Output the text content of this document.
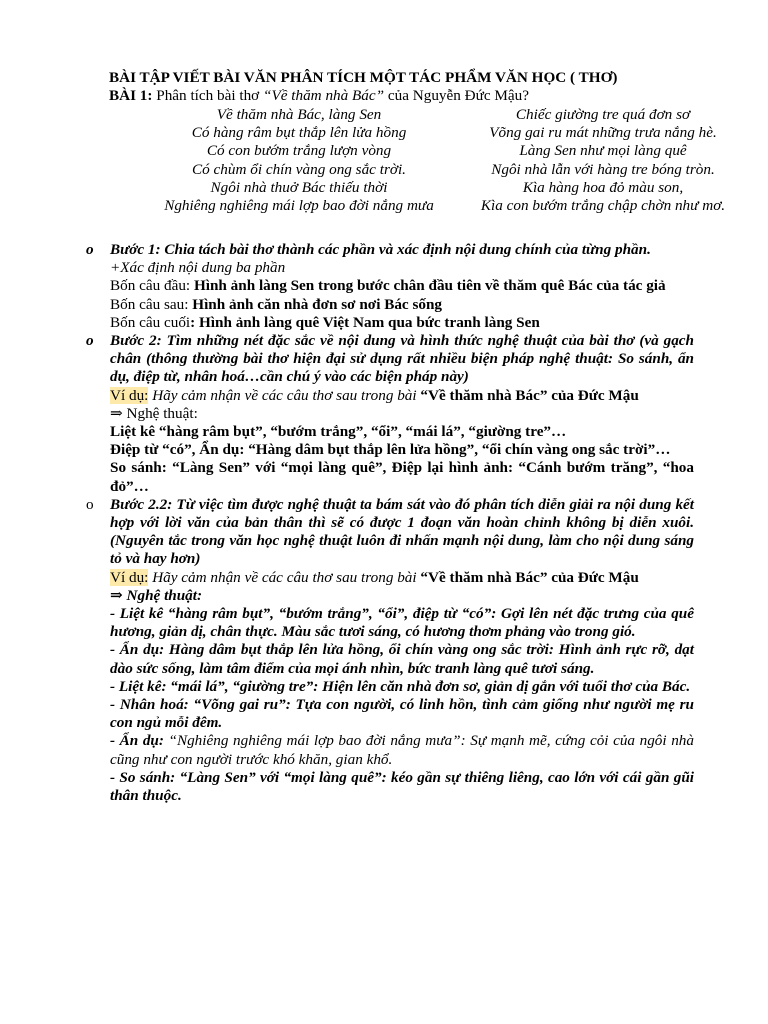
BÀI TẬP VIẾT BÀI VĂN PHÂN TÍCH MỘT TÁC PHẨM VĂN HỌC ( THƠ)
BÀI 1: Phân tích bài thơ “Về thăm nhà Bác” của Nguyễn Đức Mậu?
Về thăm nhà Bác, làng Sen
Có hàng râm bụt thắp lên lửa hồng
Có con bướm trắng lượn vòng
Có chùm ổi chín vàng ong sắc trời.
Ngôi nhà thuở Bác thiếu thời
Nghiêng nghiêng mái lợp bao đời nắng mưa
Chiếc giường tre quá đơn sơ
Võng gai ru mát những trưa nắng hè.
Làng Sen như mọi làng quê
Ngôi nhà lẫn với hàng tre bóng tròn.
Kìa hàng hoa đỏ màu son,
Kìa con bướm trắng chập chờn như mơ.
o	Bước 1: Chia tách bài thơ thành các phần và xác định nội dung chính của từng phần.

+Xác định nội dung ba phần

Bốn câu đầu: Hình ảnh làng Sen trong bước chân đầu tiên về thăm quê Bác của tác giả

Bốn câu sau: Hình ảnh căn nhà đơn sơ nơi Bác sống

Bốn câu cuối: Hình ảnh làng quê Việt Nam qua bức tranh làng Sen

o	Bước 2: Tìm những nét đặc sắc về nội dung và hình thức nghệ thuật của bài thơ (và gạch chân (thông thường bài thơ hiện đại sử dụng rất nhiều biện pháp nghệ thuật: So sánh, ẩn dụ, điệp từ, nhân hoá…cần chú ý vào các biện pháp này)

Ví dụ: Hãy cảm nhận về các câu thơ sau trong bài “Về thăm nhà Bác” của Đức Mậu

⇒ Nghệ thuật:

Liệt kê “hàng râm bụt”, “bướm trắng”, “ổi”, “mái lá”, “giường tre”…

Điệp từ “có”, Ẩn dụ: “Hàng dâm bụt thắp lên lửa hồng”, “ổi chín vàng ong sắc trời”…

So sánh: “Làng Sen” với “mọi làng quê”, Điệp lại hình ảnh: “Cánh bướm trăng”, “hoa đỏ”…

o	Bước 2.2: Từ việc tìm được nghệ thuật ta bám sát vào đó phân tích diễn giải ra nội dung kết hợp với lời văn của bản thân thì sẽ có được 1 đoạn văn hoàn chỉnh không bị diễn xuôi. (Nguyên tắc trong văn học nghệ thuật luôn đi nhấn mạnh nội dung, làm cho nội dung sáng tỏ và hay hơn)

Ví dụ: Hãy cảm nhận về các câu thơ sau trong bài “Về thăm nhà Bác” của Đức Mậu

⇒ Nghệ thuật:

- Liệt kê “hàng râm bụt”, “bướm trắng”, “ổi”, điệp từ “có”: Gợi lên nét đặc trưng của quê hương, giản dị, chân thực. Màu sắc tươi sáng, có hương thơm phảng vào trong gió.

- Ẩn dụ: Hàng dâm bụt thắp lên lửa hồng, ổi chín vàng ong sắc trời: Hình ảnh rực rỡ, dạt dào sức sống, làm tâm điểm của mọi ánh nhìn, bức tranh làng quê tươi sáng.

- Liệt kê: “mái lá”, “giường tre”: Hiện lên căn nhà đơn sơ, giản dị gắn với tuổi thơ của Bác.

- Nhân hoá: “Võng gai ru”: Tựa con người, có linh hồn, tình cảm giống như người mẹ ru con ngủ mỗi đêm.

- Ẩn dụ: “Nghiêng nghiêng mái lợp bao đời nắng mưa”: Sự mạnh mẽ, cứng cỏi của ngôi nhà cũng như con người trước khó khăn, gian khổ.

- So sánh: “Làng Sen” với “mọi làng quê”: kéo gần sự thiêng liêng, cao lớn với cái gần gũi thân thuộc.
